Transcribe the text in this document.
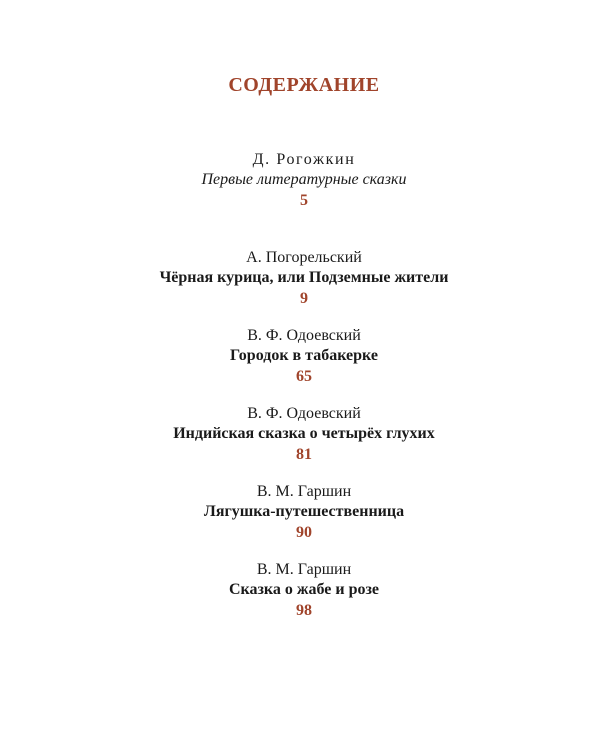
СОДЕРЖАНИЕ
Д. Рогожкин
Первые литературные сказки
5
А. Погорельский
Чёрная курица, или Подземные жители
9
В. Ф. Одоевский
Городок в табакерке
65
В. Ф. Одоевский
Индийская сказка о четырёх глухих
81
В. М. Гаршин
Лягушка-путешественница
90
В. М. Гаршин
Сказка о жабе и розе
98
